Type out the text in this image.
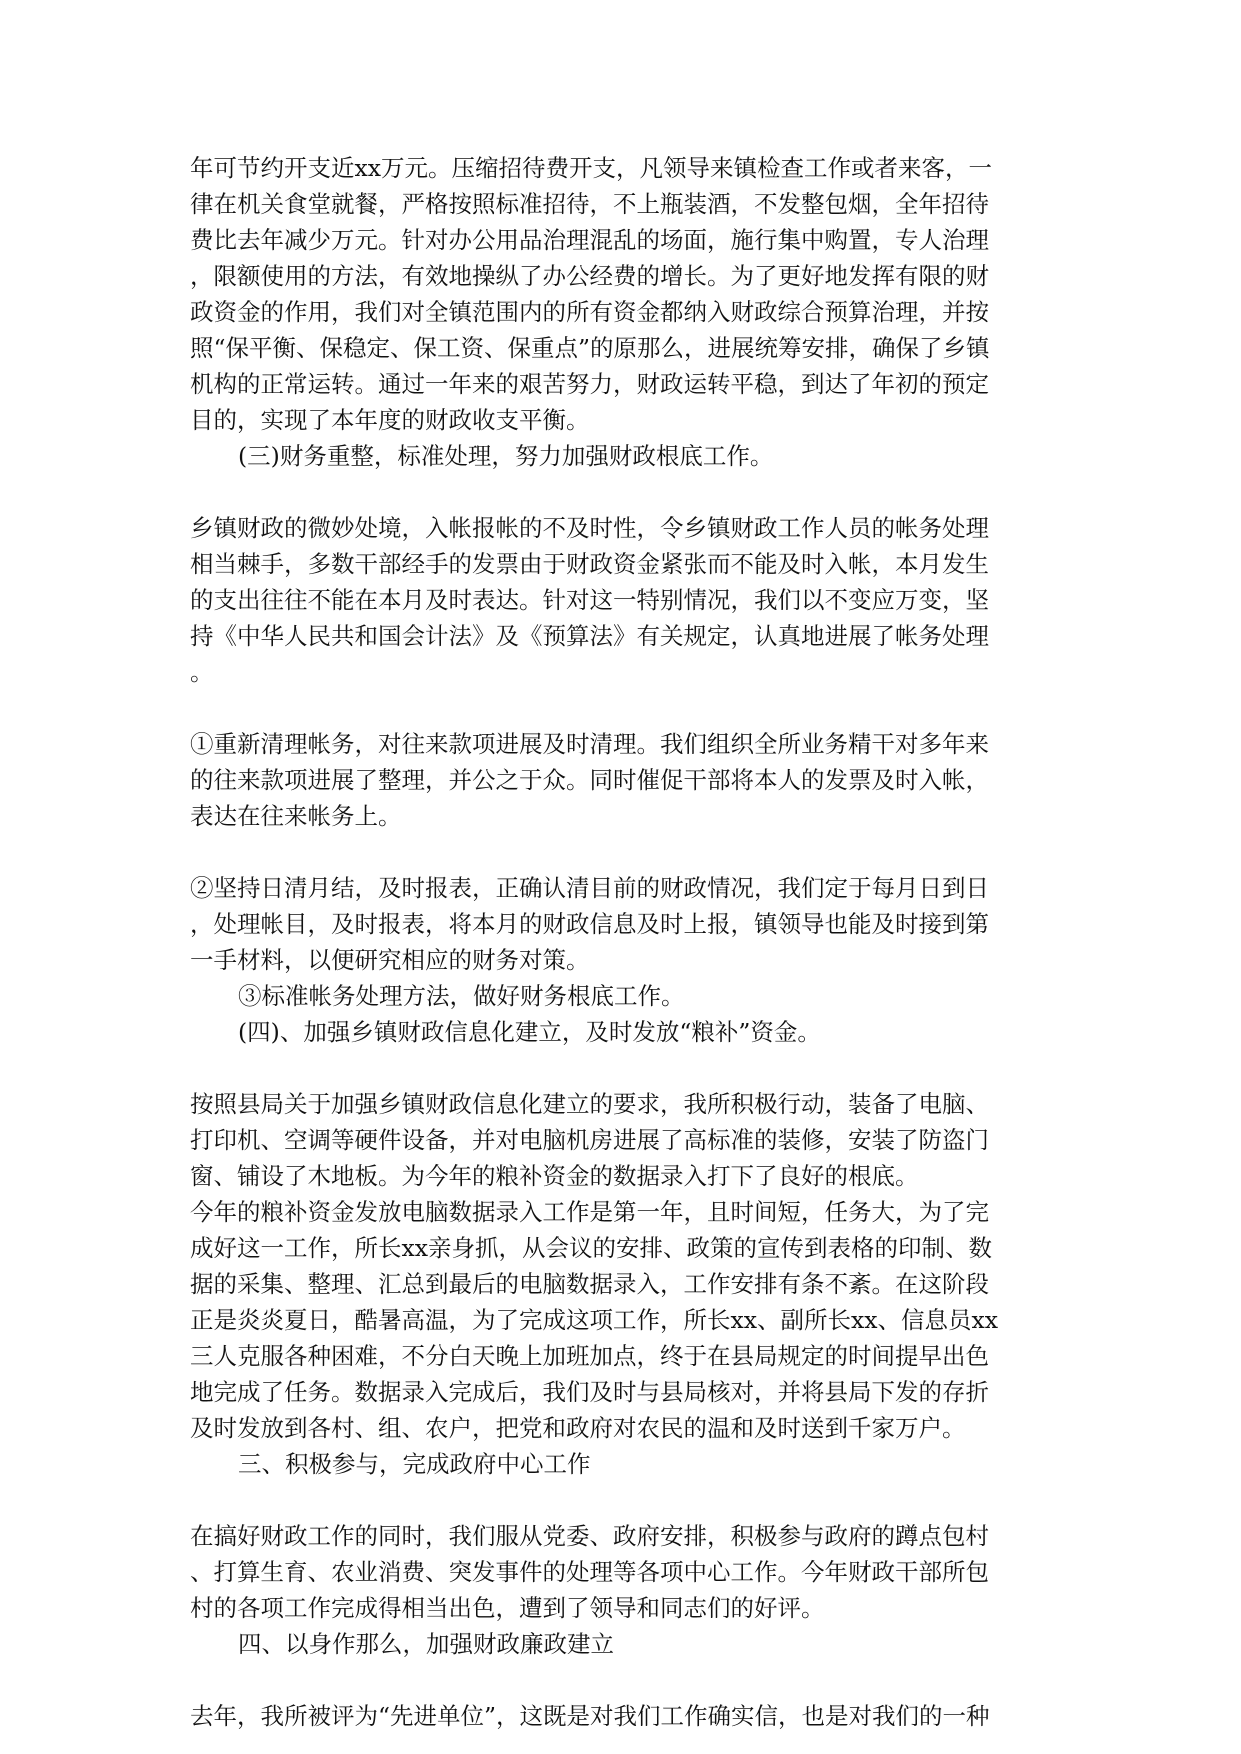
年可节约开支近xx万元。压缩招待费开支，凡领导来镇检查工作或者来客，一
律在机关食堂就餐，严格按照标准招待，不上瓶装酒，不发整包烟，全年招待
费比去年减少万元。针对办公用品治理混乱的场面，施行集中购置，专人治理
，限额使用的方法，有效地操纵了办公经费的增长。为了更好地发挥有限的财
政资金的作用，我们对全镇范围内的所有资金都纳入财政综合预算治理，并按
照“保平衡、保稳定、保工资、保重点”的原那么，进展统筹安排，确保了乡镇
机构的正常运转。通过一年来的艰苦努力，财政运转平稳，到达了年初的预定
目的，实现了本年度的财政收支平衡。
(三)财务重整，标准处理，努力加强财政根底工作。
乡镇财政的微妙处境，入帐报帐的不及时性，令乡镇财政工作人员的帐务处理
相当棘手，多数干部经手的发票由于财政资金紧张而不能及时入帐，本月发生
的支出往往不能在本月及时表达。针对这一特别情况，我们以不变应万变，坚
持《中华人民共和国会计法》及《预算法》有关规定，认真地进展了帐务处理
。
①重新清理帐务，对往来款项进展及时清理。我们组织全所业务精干对多年来
的往来款项进展了整理，并公之于众。同时催促干部将本人的发票及时入帐，
表达在往来帐务上。
②坚持日清月结，及时报表，正确认清目前的财政情况，我们定于每月日到日
，处理帐目，及时报表，将本月的财政信息及时上报，镇领导也能及时接到第
一手材料，以便研究相应的财务对策。
③标准帐务处理方法，做好财务根底工作。
(四)、加强乡镇财政信息化建立，及时发放“粮补”资金。
按照县局关于加强乡镇财政信息化建立的要求，我所积极行动，装备了电脑、
打印机、空调等硬件设备，并对电脑机房进展了高标准的装修，安装了防盗门
窗、铺设了木地板。为今年的粮补资金的数据录入打下了良好的根底。
今年的粮补资金发放电脑数据录入工作是第一年，且时间短，任务大，为了完
成好这一工作，所长xx亲身抓，从会议的安排、政策的宣传到表格的印制、数
据的采集、整理、汇总到最后的电脑数据录入，工作安排有条不紊。在这阶段
正是炎炎夏日，酷暑高温，为了完成这项工作，所长xx、副所长xx、信息员xx
三人克服各种困难，不分白天晚上加班加点，终于在县局规定的时间提早出色
地完成了任务。数据录入完成后，我们及时与县局核对，并将县局下发的存折
及时发放到各村、组、农户，把党和政府对农民的温和及时送到千家万户。
三、积极参与，完成政府中心工作
在搞好财政工作的同时，我们服从党委、政府安排，积极参与政府的蹲点包村
、打算生育、农业消费、突发事件的处理等各项中心工作。今年财政干部所包
村的各项工作完成得相当出色，遭到了领导和同志们的好评。
四、以身作那么，加强财政廉政建立
去年，我所被评为“先进单位”，这既是对我们工作确实信，也是对我们的一种
